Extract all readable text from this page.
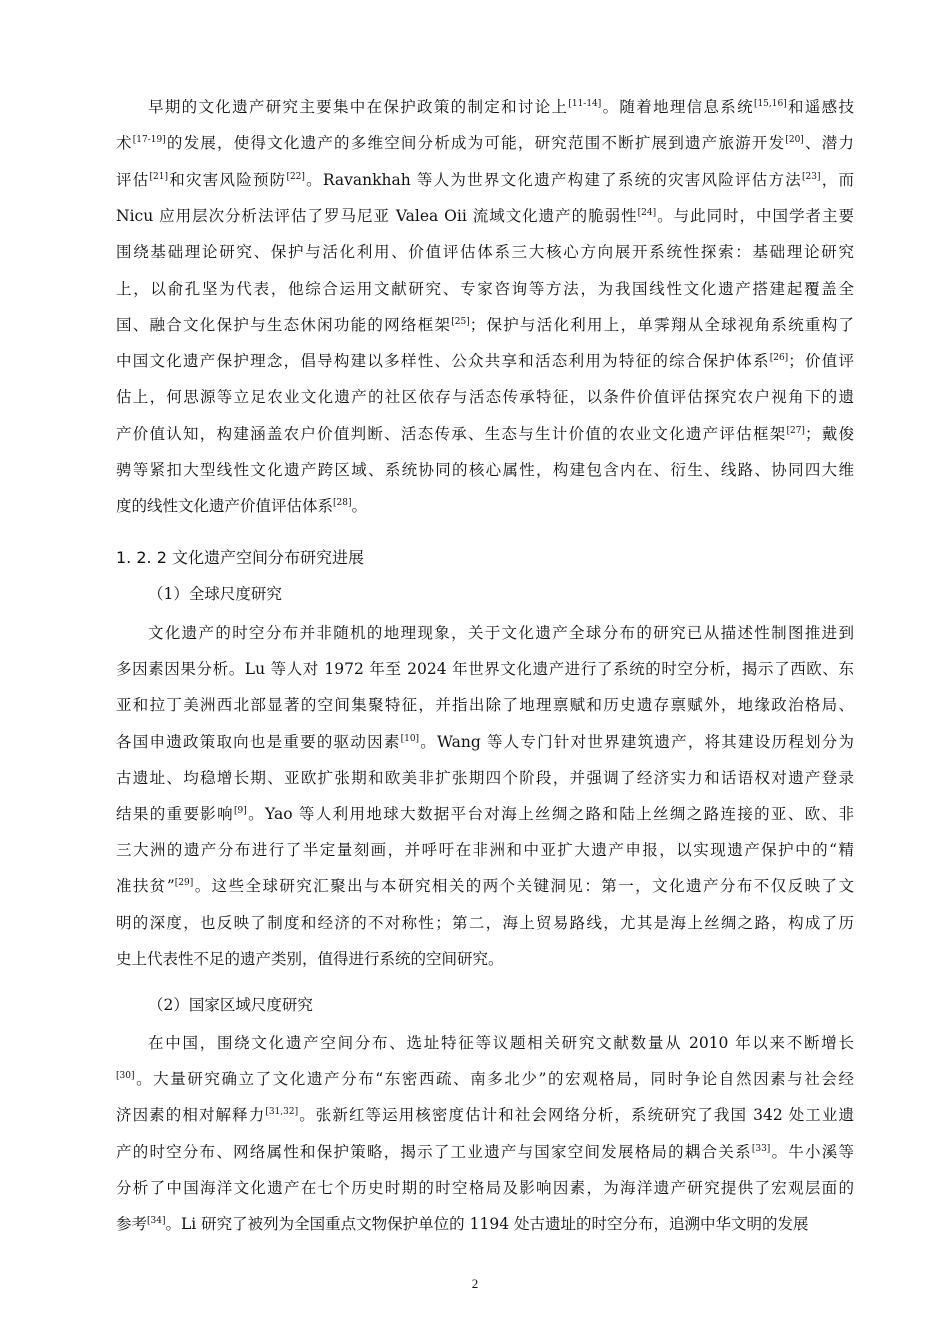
早期的文化遗产研究主要集中在保护政策的制定和讨论上[11-14]。随着地理信息系统[15,16]和遥感技
术[17-19]的发展，使得文化遗产的多维空间分析成为可能，研究范围不断扩展到遗产旅游开发[20]、潜力
评估[21]和灾害风险预防[22]。Ravankhah 等人为世界文化遗产构建了系统的灾害风险评估方法[23]，而
Nicu 应用层次分析法评估了罗马尼亚 Valea Oii 流域文化遗产的脆弱性[24]。与此同时，中国学者主要
围绕基础理论研究、保护与活化利用、价值评估体系三大核心方向展开系统性探索：基础理论研究
上，以俞孔坚为代表，他综合运用文献研究、专家咨询等方法，为我国线性文化遗产搭建起覆盖全
国、融合文化保护与生态休闲功能的网络框架[25]；保护与活化利用上，单霁翔从全球视角系统重构了
中国文化遗产保护理念，倡导构建以多样性、公众共享和活态利用为特征的综合保护体系[26]；价值评
估上，何思源等立足农业文化遗产的社区依存与活态传承特征，以条件价值评估探究农户视角下的遗
产价值认知，构建涵盖农户价值判断、活态传承、生态与生计价值的农业文化遗产评估框架[27]；戴俊
骋等紧扣大型线性文化遗产跨区域、系统协同的核心属性，构建包含内在、衍生、线路、协同四大维
度的线性文化遗产价值评估体系[28]。
1. 2. 2 文化遗产空间分布研究进展
（1）全球尺度研究
文化遗产的时空分布并非随机的地理现象，关于文化遗产全球分布的研究已从描述性制图推进到
多因素因果分析。Lu 等人对 1972 年至 2024 年世界文化遗产进行了系统的时空分析，揭示了西欧、东
亚和拉丁美洲西北部显著的空间集聚特征，并指出除了地理禀赋和历史遗存禀赋外，地缘政治格局、
各国申遗政策取向也是重要的驱动因素[10]。Wang 等人专门针对世界建筑遗产，将其建设历程划分为
古遗址、均稳增长期、亚欧扩张期和欧美非扩张期四个阶段，并强调了经济实力和话语权对遗产登录
结果的重要影响[9]。Yao 等人利用地球大数据平台对海上丝绸之路和陆上丝绸之路连接的亚、欧、非
三大洲的遗产分布进行了半定量刻画，并呼吁在非洲和中亚扩大遗产申报，以实现遗产保护中的“精
准扶贫”[29]。这些全球研究汇聚出与本研究相关的两个关键洞见：第一，文化遗产分布不仅反映了文
明的深度，也反映了制度和经济的不对称性；第二，海上贸易路线，尤其是海上丝绸之路，构成了历
史上代表性不足的遗产类别，值得进行系统的空间研究。
（2）国家区域尺度研究
在中国，围绕文化遗产空间分布、选址特征等议题相关研究文献数量从 2010 年以来不断增长
[30]。大量研究确立了文化遗产分布“东密西疏、南多北少”的宏观格局，同时争论自然因素与社会经
济因素的相对解释力[31,32]。张新红等运用核密度估计和社会网络分析，系统研究了我国 342 处工业遗
产的时空分布、网络属性和保护策略，揭示了工业遗产与国家空间发展格局的耦合关系[33]。牛小溪等
分析了中国海洋文化遗产在七个历史时期的时空格局及影响因素，为海洋遗产研究提供了宏观层面的
参考[34]。Li 研究了被列为全国重点文物保护单位的 1194 处古遗址的时空分布，追溯中华文明的发展
2
